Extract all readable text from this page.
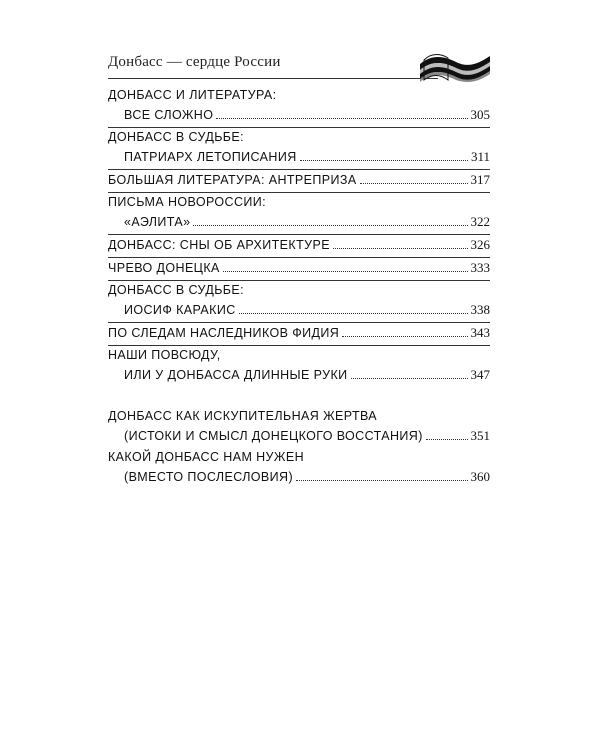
Донбасс — сердце России
ДОНБАСС И ЛИТЕРАТУРА:
ВСЕ СЛОЖНО	305
ДОНБАСС В СУДЬБЕ:
ПАТРИАРХ ЛЕТОПИСАНИЯ	311
БОЛЬШАЯ ЛИТЕРАТУРА: АНТРЕПРИЗА	317
ПИСЬМА НОВОРОССИИ:
«АЭЛИТА»	322
ДОНБАСС: СНЫ ОБ АРХИТЕКТУРЕ	326
ЧРЕВО ДОНЕЦКА	333
ДОНБАСС В СУДЬБЕ:
ИОСИФ КАРАКИС	338
ПО СЛЕДАМ НАСЛЕДНИКОВ ФИДИЯ	343
НАШИ ПОВСЮДУ,
ИЛИ У ДОНБАССА ДЛИННЫЕ РУКИ	347
ДОНБАСС КАК ИСКУПИТЕЛЬНАЯ ЖЕРТВА
(ИСТОКИ И СМЫСЛ ДОНЕЦКОГО ВОССТАНИЯ)	351
КАКОЙ ДОНБАСС НАМ НУЖЕН
(ВМЕСТО ПОСЛЕСЛОВИЯ)	360
